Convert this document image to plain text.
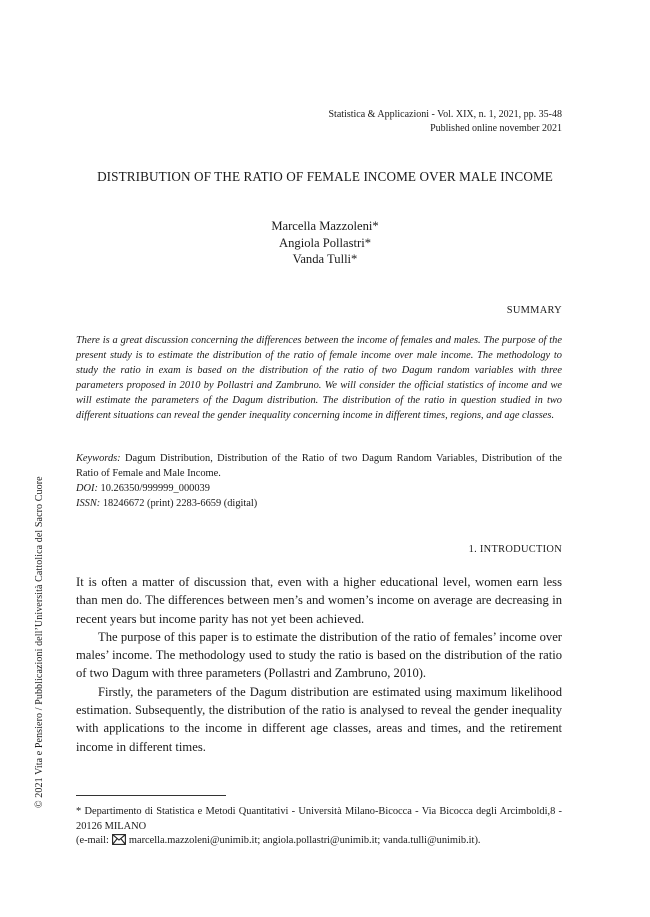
Statistica & Applicazioni - Vol. XIX, n. 1, 2021, pp. 35-48
Published online november 2021
DISTRIBUTION OF THE RATIO OF FEMALE INCOME OVER MALE INCOME
Marcella Mazzoleni*
Angiola Pollastri*
Vanda Tulli*
SUMMARY
There is a great discussion concerning the differences between the income of females and males. The purpose of the present study is to estimate the distribution of the ratio of female income over male income. The methodology to study the ratio in exam is based on the distribution of the ratio of two Dagum random variables with three parameters proposed in 2010 by Pollastri and Zambruno. We will consider the official statistics of income and we will estimate the parameters of the Dagum distribution. The distribution of the ratio in question studied in two different situations can reveal the gender inequality concerning income in different times, regions, and age classes.
Keywords: Dagum Distribution, Distribution of the Ratio of two Dagum Random Variables, Distribution of the Ratio of Female and Male Income.
DOI: 10.26350/999999_000039
ISSN: 18246672 (print) 2283-6659 (digital)
1. INTRODUCTION

It is often a matter of discussion that, even with a higher educational level, women earn less than men do. The differences between men’s and women’s income on average are decreasing in recent years but income parity has not yet been achieved.

The purpose of this paper is to estimate the distribution of the ratio of females’ income over males’ income. The methodology used to study the ratio is based on the distribution of the ratio of two Dagum with three parameters (Pollastri and Zambruno, 2010).

Firstly, the parameters of the Dagum distribution are estimated using maximum likelihood estimation. Subsequently, the distribution of the ratio is analysed to reveal the gender inequality with applications to the income in different age classes, areas and times, and the retirement income in different times.

* Departimento di Statistica e Metodi Quantitativi - Università Milano-Bicocca - Via Bicocca degli Arcimboldi,8 - 20126 MILANO
(e-mail: marcella.mazzoleni@unimib.it; angiola.pollastri@unimib.it; vanda.tulli@unimib.it).
© 2021 Vita e Pensiero / Pubblicazioni dell’Università Cattolica del Sacro Cuore
